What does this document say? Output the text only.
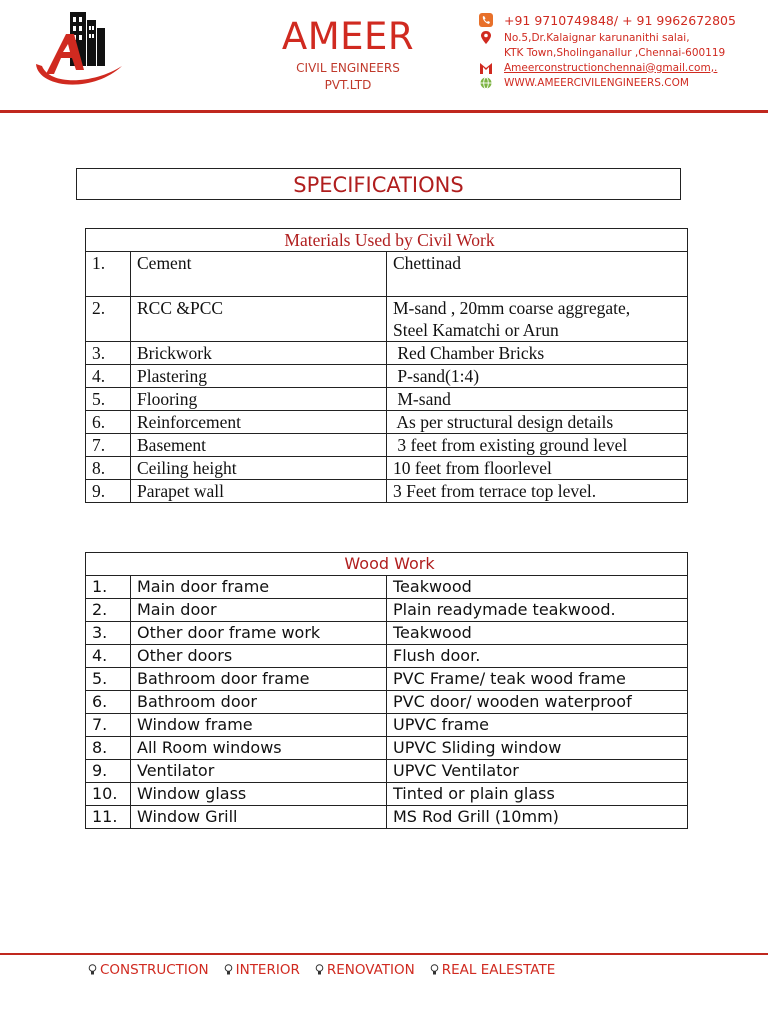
AMEER
CIVIL ENGINEERS
PVT.LTD
+91 9710749848/ + 91 9962672805
No.5,Dr.Kalaignar karunanithi salai,
KTK Town,Sholinganallur ,Chennai-600119
Ameerconstructionchennai@gmail.com,.
WWW.AMEERCIVILENGINEERS.COM
SPECIFICATIONS
Materials Used by Civil Work		
1.	Cement	Chettinad
2.	RCC &PCC	M-sand , 20mm coarse aggregate,
Steel Kamatchi or Arun

3.	Brickwork	Red Chamber Bricks
4.	Plastering	P-sand(1:4)
5.	Flooring	M-sand
6.	Reinforcement	As per structural design details
7.	Basement	3 feet from existing ground level
8.	Ceiling height	10 feet from floorlevel
9.	Parapet wall	3 Feet from terrace top level.
Wood Work		
1.	Main door frame	Teakwood
2.	Main door	Plain readymade teakwood.
3.	Other door frame work	Teakwood
4.	Other doors	Flush door.
5.	Bathroom door frame	PVC Frame/ teak wood frame
6.	Bathroom door	PVC door/ wooden waterproof
7.	Window frame	UPVC frame
8.	All Room windows	UPVC Sliding window
9.	Ventilator	UPVC Ventilator
10.	Window glass	Tinted or plain glass
11.	Window Grill	MS Rod Grill (10mm)
CONSTRUCTION INTERIOR RENOVATION REAL EALESTATE
